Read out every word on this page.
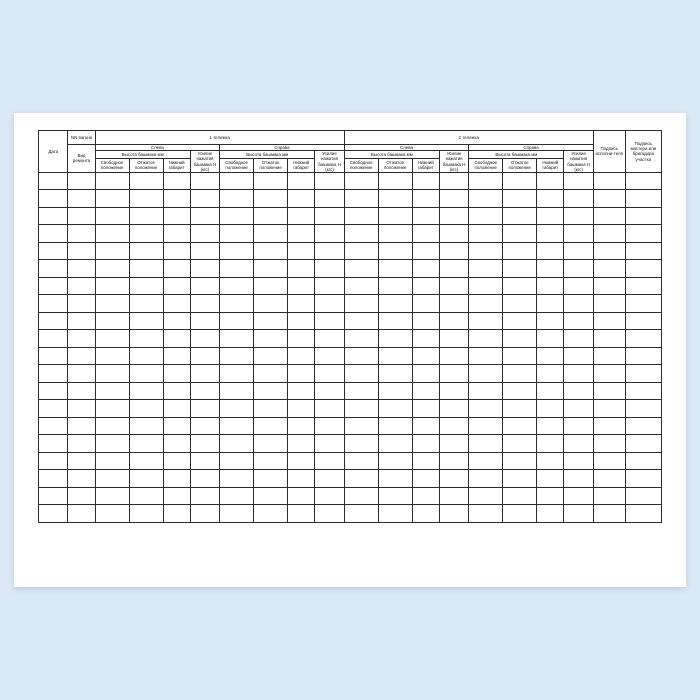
Дата	NN вагона	1 тележка								2 тележка								Подпись исполни-теля	Подпись мастера или бригадира участка
	Вид ремонта	Слева				Справа				Слева				Справа					
		Высота башмака мм			Усилие нажатия башмака Н (кгс)	Высота башмака мм			Усилие нажатия башмака Н (кгс)	Высота башмака мм			Усилие нажатия башмака Н (кгс)	Высота башмака мм			Усилие нажатия башмака Н (кгс)		
		Свободное положение	Отжатое положение	Нижний габарит		Свободное положение	Отжатое положение	Нижний габарит		Свободное положение	Отжатое положение	Нижний габарит		Свободное положение	Отжатое положение	Нижний габарит			
